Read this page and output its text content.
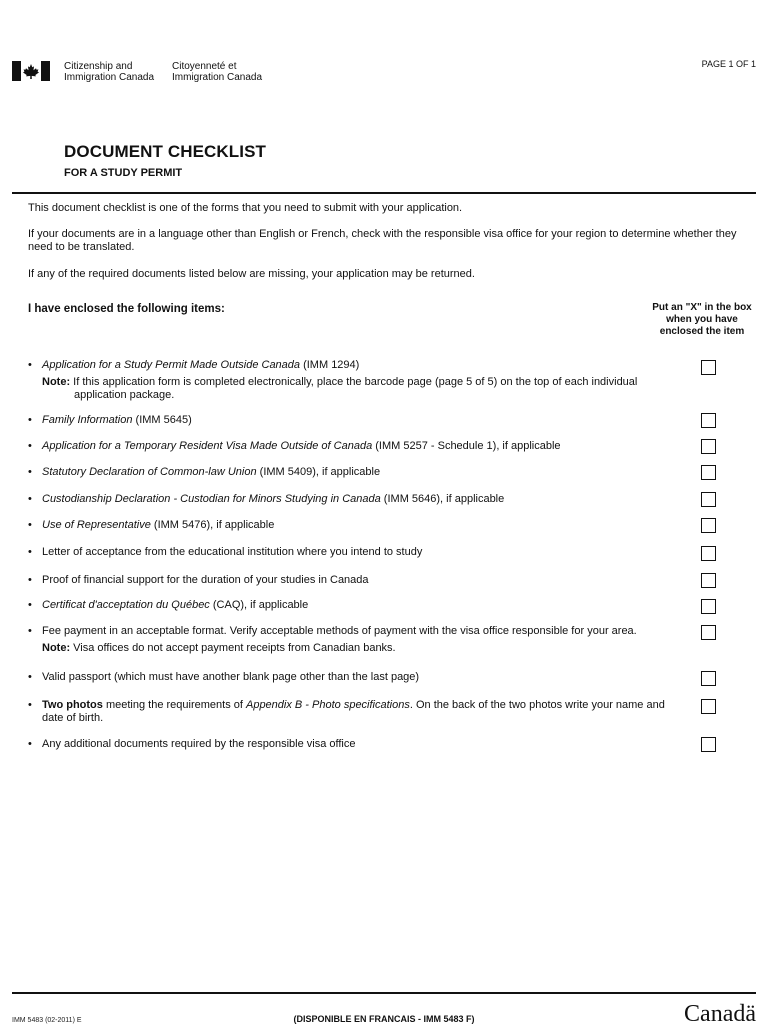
Citizenship and
Immigration Canada
Citoyenneté et
Immigration Canada
PAGE 1 OF 1
DOCUMENT CHECKLIST
FOR A STUDY PERMIT
This document checklist is one of the forms that you need to submit with your application.
If your documents are in a language other than English or French, check with the responsible visa office for your region to determine whether they need to be translated.
If any of the required documents listed below are missing, your application may be returned.
I have enclosed the following items:	Put an "X" in the box
when you have
enclosed the item
• Application for a Study Permit Made Outside Canada (IMM 1294)
Note: If this application form is completed electronically, place the barcode page (page 5 of 5) on the top of each individual
application package.
• Family Information (IMM 5645)
• Application for a Temporary Resident Visa Made Outside of Canada (IMM 5257 - Schedule 1), if applicable
• Statutory Declaration of Common-law Union (IMM 5409), if applicable
• Custodianship Declaration - Custodian for Minors Studying in Canada (IMM 5646), if applicable
• Use of Representative (IMM 5476), if applicable
• Letter of acceptance from the educational institution where you intend to study
• Proof of financial support for the duration of your studies in Canada
• Certificat d'acceptation du Québec (CAQ), if applicable
• Fee payment in an acceptable format. Verify acceptable methods of payment with the visa office responsible for your area.
Note: Visa offices do not accept payment receipts from Canadian banks.
• Valid passport (which must have another blank page other than the last page)
• Two photos meeting the requirements of Appendix B - Photo specifications. On the back of the two photos write your name and date of birth.
• Any additional documents required by the responsible visa office
IMM 5483 (02-2011) E	(DISPONIBLE EN FRANCAIS - IMM 5483 F)	Canadä
